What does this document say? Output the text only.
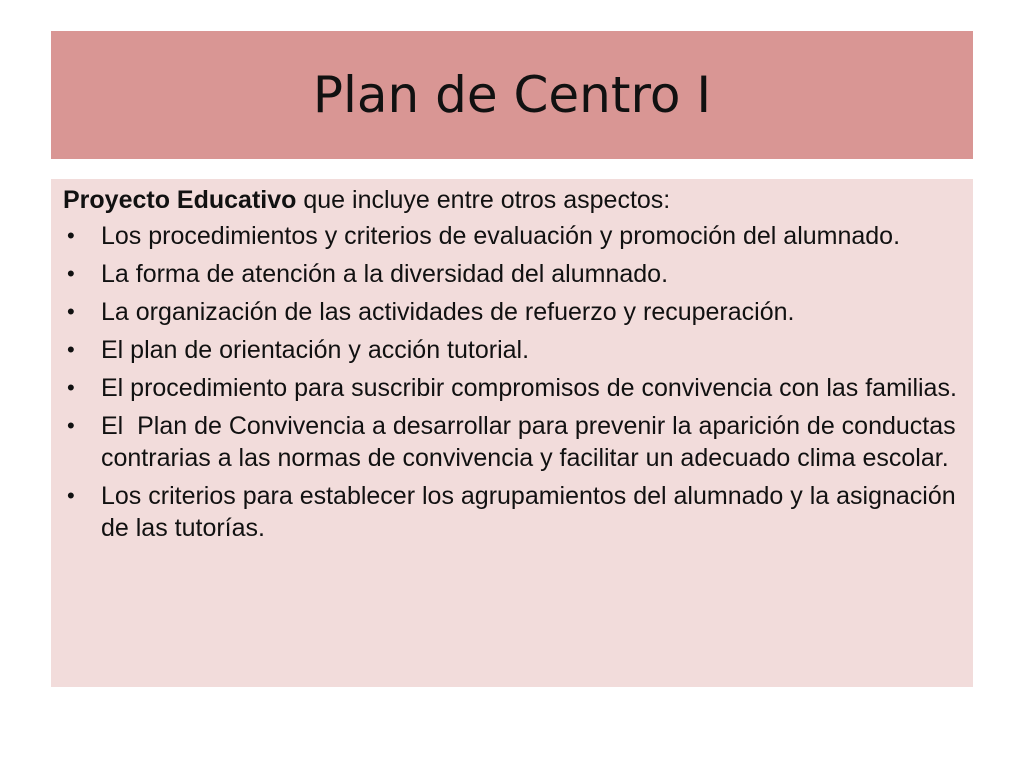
Plan de Centro I

Proyecto Educativo que incluye entre otros aspectos:

• Los procedimientos y criterios de evaluación y promoción del alumnado.
• La forma de atención a la diversidad del alumnado.
• La organización de las actividades de refuerzo y recuperación.
• El plan de orientación y acción tutorial.
• El procedimiento para suscribir compromisos de convivencia con las familias.
• El  Plan de Convivencia a desarrollar para prevenir la aparición de conductas contrarias a las normas de convivencia y facilitar un adecuado clima escolar.
• Los criterios para establecer los agrupamientos del alumnado y la asignación de las tutorías.
